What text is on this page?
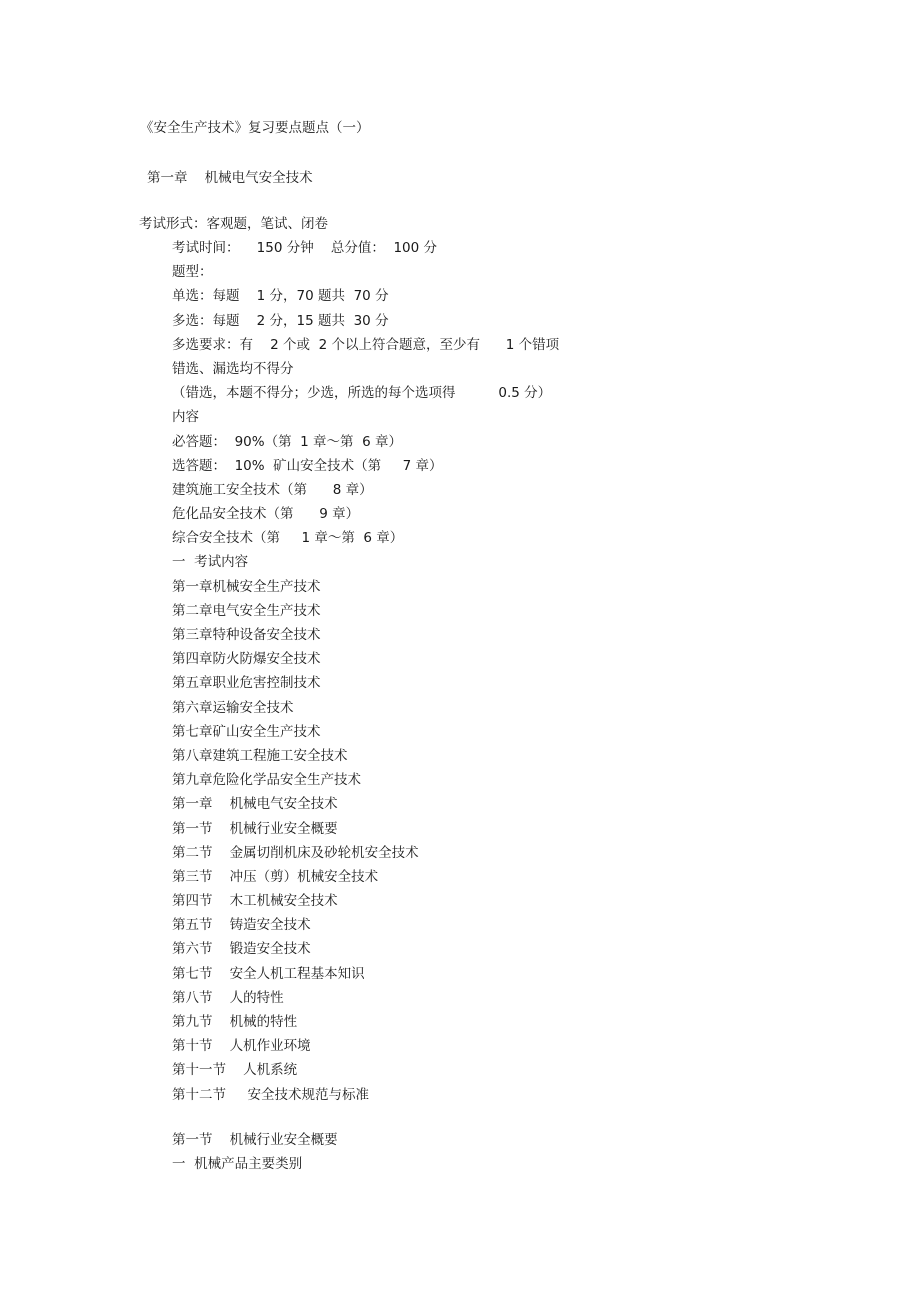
《安全生产技术》复习要点题点（一）
第一章    机械电气安全技术
考试形式：客观题，笔试、闭卷
考试时间：    150 分钟    总分值：  100 分
题型：
单选：每题    1 分，70 题共  70 分
多选：每题    2 分，15 题共  30 分
多选要求：有    2 个或  2 个以上符合题意，至少有      1 个错项
错选、漏选均不得分
（错选，本题不得分；少选，所选的每个选项得          0.5 分）
内容
必答题：  90%（第  1 章～第  6 章）
选答题：  10%  矿山安全技术（第     7 章）
建筑施工安全技术（第      8 章）
危化品安全技术（第      9 章）
综合安全技术（第     1 章～第  6 章）
一  考试内容
第一章机械安全生产技术
第二章电气安全生产技术
第三章特种设备安全技术
第四章防火防爆安全技术
第五章职业危害控制技术
第六章运输安全技术
第七章矿山安全生产技术
第八章建筑工程施工安全技术
第九章危险化学品安全生产技术
第一章    机械电气安全技术
第一节    机械行业安全概要
第二节    金属切削机床及砂轮机安全技术
第三节    冲压（剪）机械安全技术
第四节    木工机械安全技术
第五节    铸造安全技术
第六节    锻造安全技术
第七节    安全人机工程基本知识
第八节    人的特性
第九节    机械的特性
第十节    人机作业环境
第十一节    人机系统
第十二节     安全技术规范与标准
第一节    机械行业安全概要
一  机械产品主要类别
